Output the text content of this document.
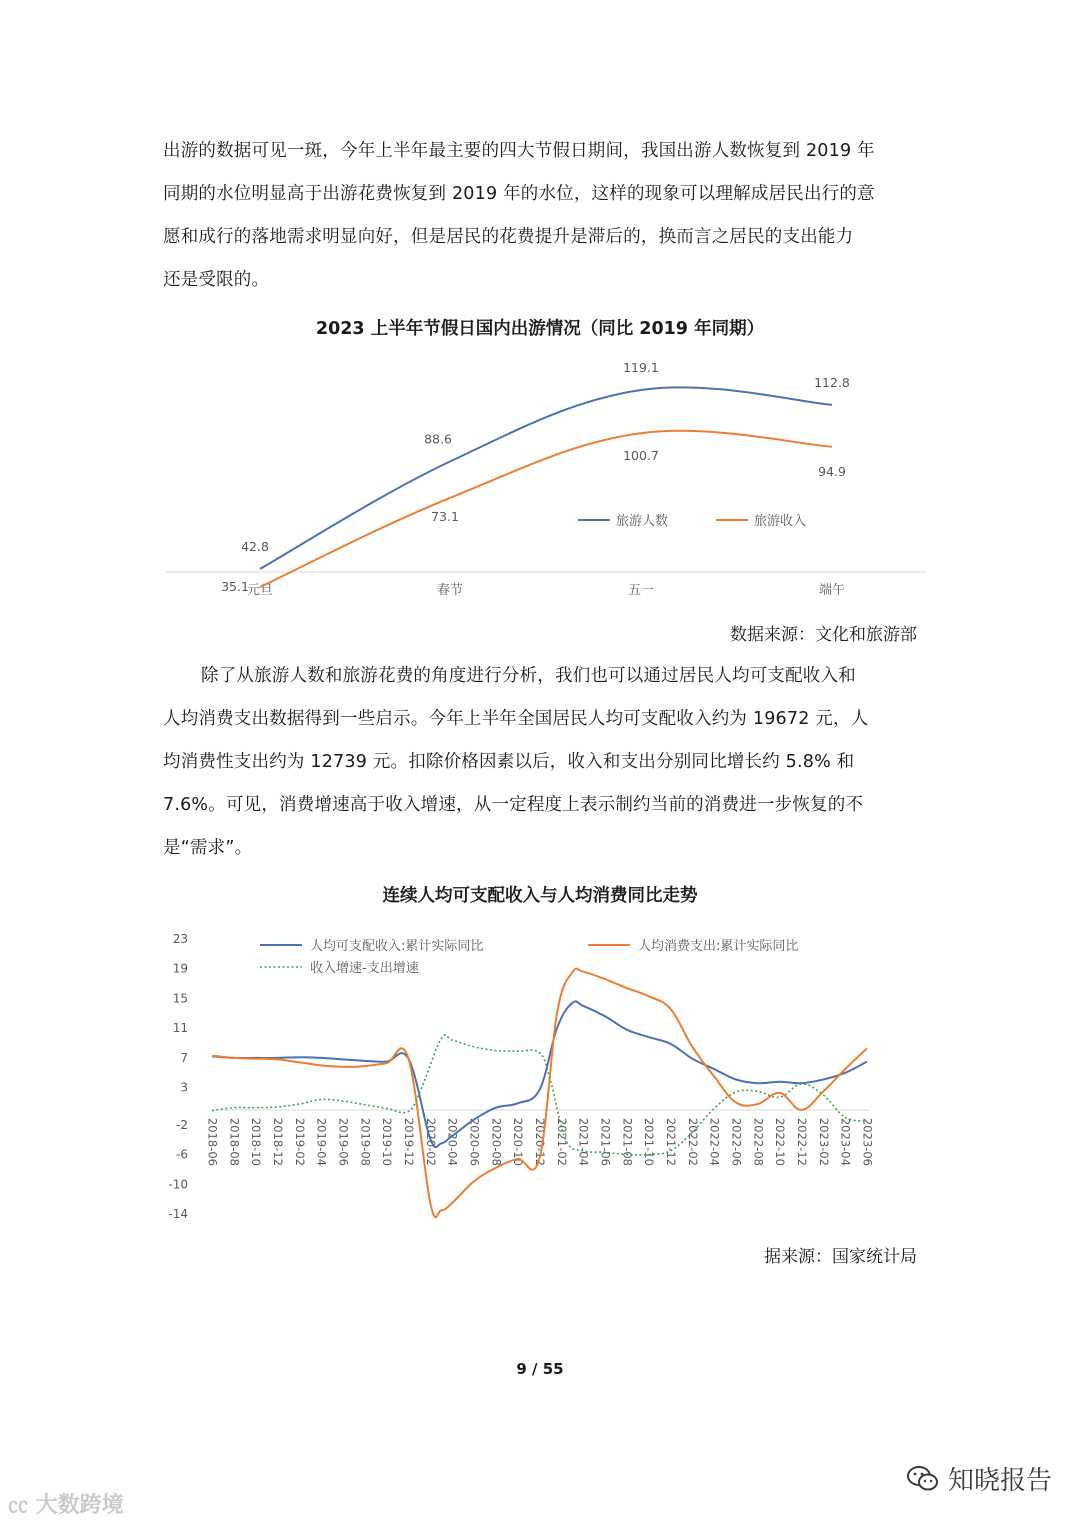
出游的数据可见一斑，今年上半年最主要的四大节假日期间，我国出游人数恢复到 2019 年
同期的水位明显高于出游花费恢复到 2019 年的水位，这样的现象可以理解成居民出行的意
愿和成行的落地需求明显向好，但是居民的花费提升是滞后的，换而言之居民的支出能力
还是受限的。
2023 上半年节假日国内出游情况（同比 2019 年同期）
元旦	春节	五一	端午
42.8
88.6
119.1
112.8
35.1
73.1
100.7
94.9
旅游人数	旅游收入
数据来源：文化和旅游部
除了从旅游人数和旅游花费的角度进行分析，我们也可以通过居民人均可支配收入和
人均消费支出数据得到一些启示。今年上半年全国居民人均可支配收入约为 19672 元，人
均消费性支出约为 12739 元。扣除价格因素以后，收入和支出分别同比增长约 5.8% 和
7.6%。可见，消费增速高于收入增速，从一定程度上表示制约当前的消费进一步恢复的不
是“需求”。
连续人均可支配收入与人均消费同比走势
23
19
15
11
7
3
-2
-6
-10
-14
2018-06 2018-08 2018-10 2018-12 2019-02 2019-04 2019-06 2019-08 2019-10 2019-12 2020-02 2020-04 2020-06 2020-08 2020-10 2020-12 2021-02 2021-04 2021-06 2021-08 2021-10 2021-12 2022-02 2022-04 2022-06 2022-08 2022-10 2022-12 2023-02 2023-04 2023-06
人均可支配收入:累计实际同比	人均消费支出:累计实际同比
收入增速-支出增速
据来源：国家统计局
9 / 55
㏄ 大数跨境
知晓报告
